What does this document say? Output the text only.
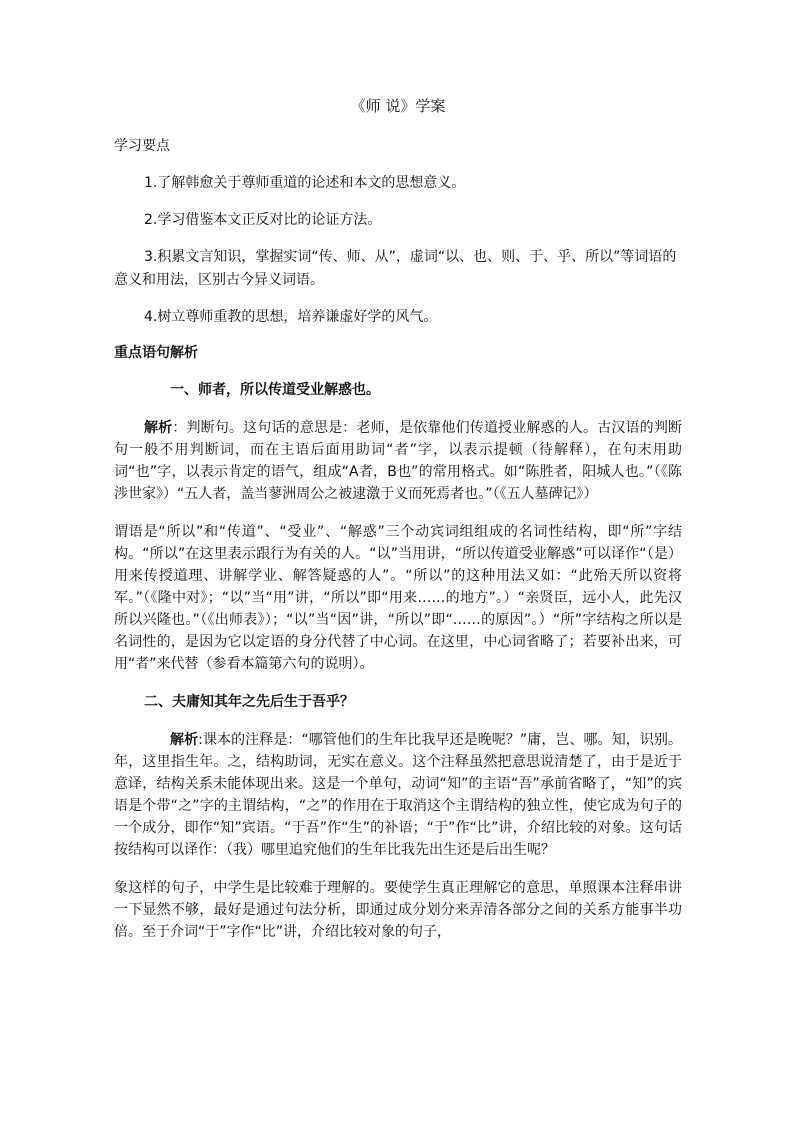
《师 说》学案
学习要点
1.了解韩愈关于尊师重道的论述和本文的思想意义。
2.学习借鉴本文正反对比的论证方法。
3.积累文言知识，掌握实词“传、师、从”，虚词“以、也、则、于、乎、所以”等词语的意义和用法，区别古今异义词语。
4.树立尊师重教的思想，培养谦虚好学的风气。
重点语句解析
一、师者，所以传道受业解惑也。
解析：判断句。这句话的意思是：老师，是依靠他们传道授业解惑的人。古汉语的判断句一般不用判断词，而在主语后面用助词“者”字，以表示提顿（待解释），在句末用助词“也”字，以表示肯定的语气，组成“A者，B也”的常用格式。如“陈胜者，阳城人也。”（《陈涉世家》）“五人者，盖当蓼洲周公之被逮激于义而死焉者也。”（《五人墓碑记》）
谓语是“所以”和“传道”、“受业”、“解惑”三个动宾词组组成的名词性结构，即“所”字结构。“所以”在这里表示跟行为有关的人。“以”当用讲，“所以传道受业解惑”可以译作“（是）用来传授道理、讲解学业、解答疑惑的人”。“所以”的这种用法又如：“此殆天所以资将军。”（《隆中对》；“以”当“用”讲，“所以”即“用来……的地方”。）“亲贤臣，远小人，此先汉所以兴隆也。”（《出师表》）；“以”当“因”讲，“所以”即“……的原因”。）“所”字结构之所以是名词性的，是因为它以定语的身分代替了中心词。在这里，中心词省略了；若要补出来，可用“者”来代替（参看本篇第六句的说明）。
二、夫庸知其年之先后生于吾乎？
解析:课本的注释是：“哪管他们的生年比我早还是晚呢？”庸，岂、哪。知，识别。年，这里指生年。之，结构助词，无实在意义。这个注释虽然把意思说清楚了，由于是近于意译，结构关系未能体现出来。这是一个单句，动词“知”的主语“吾”承前省略了，“知”的宾语是个带“之”字的主谓结构，“之”的作用在于取消这个主谓结构的独立性，使它成为句子的一个成分，即作“知”宾语。“于吾”作“生”的补语；“于”作“比”讲，介绍比较的对象。这句话按结构可以译作：（我）哪里追究他们的生年比我先出生还是后出生呢？
象这样的句子，中学生是比较难于理解的。要使学生真正理解它的意思，单照课本注释串讲一下显然不够，最好是通过句法分析，即通过成分划分来弄清各部分之间的关系方能事半功倍。至于介词“于”字作“比”讲，介绍比较对象的句子，
